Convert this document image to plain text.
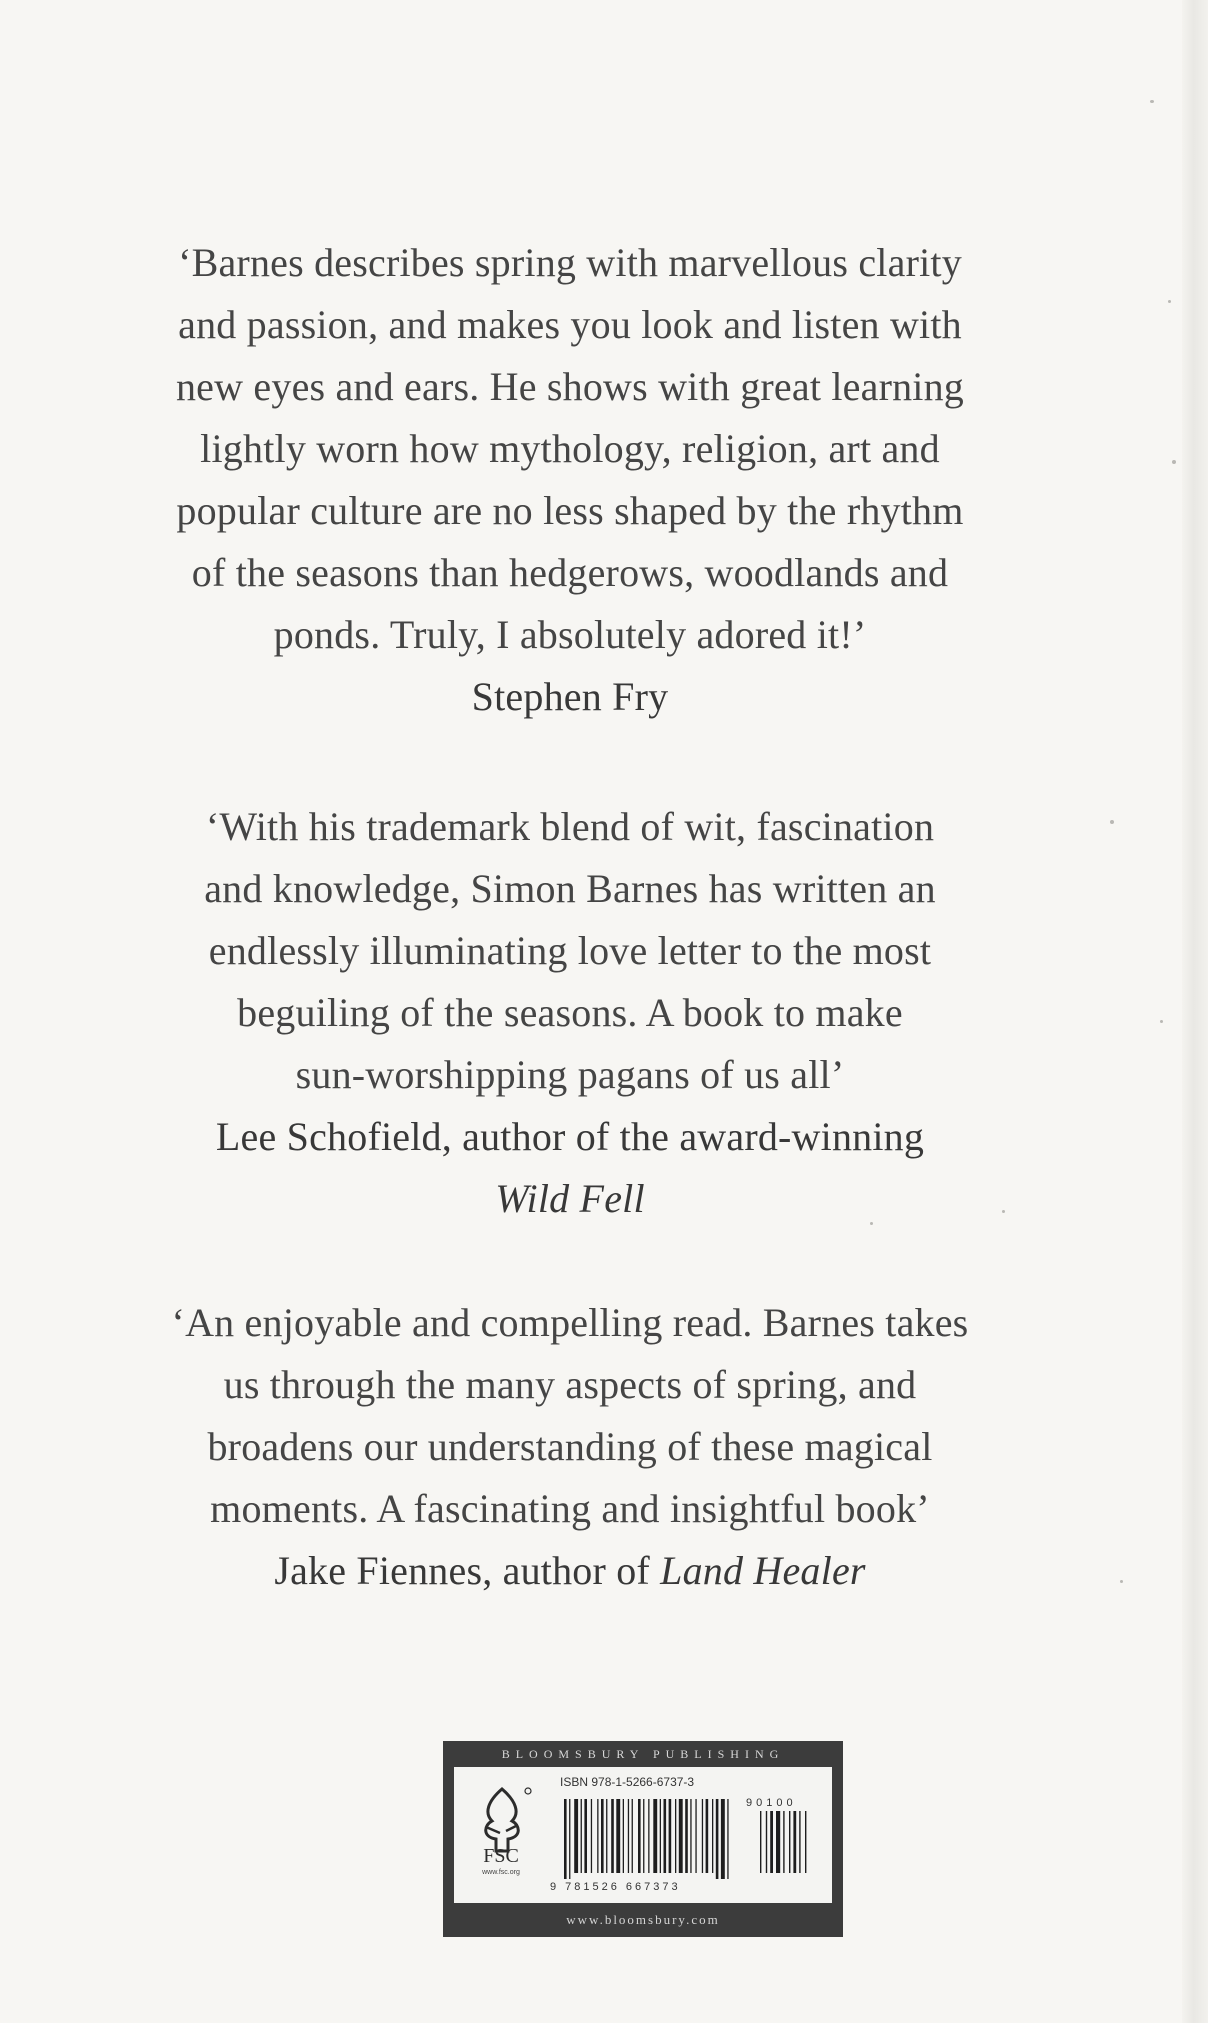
‘Barnes describes spring with marvellous clarity

and passion, and makes you look and listen with

new eyes and ears. He shows with great learning

lightly worn how mythology, religion, art and

popular culture are no less shaped by the rhythm

of the seasons than hedgerows, woodlands and

ponds. Truly, I absolutely adored it!’

Stephen Fry

‘With his trademark blend of wit, fascination

and knowledge, Simon Barnes has written an

endlessly illuminating love letter to the most

beguiling of the seasons. A book to make

sun-worshipping pagans of us all’

Lee Schofield, author of the award-winning
Wild Fell

‘An enjoyable and compelling read. Barnes takes

us through the many aspects of spring, and

broadens our understanding of these magical

moments. A fascinating and insightful book’

Jake Fiennes, author of Land Healer

BLOOMSBURY PUBLISHING
FSC
www.fsc.org
ISBN 978-1-5266-6737-3
90100
9 781526 667373
www.bloomsbury.com
